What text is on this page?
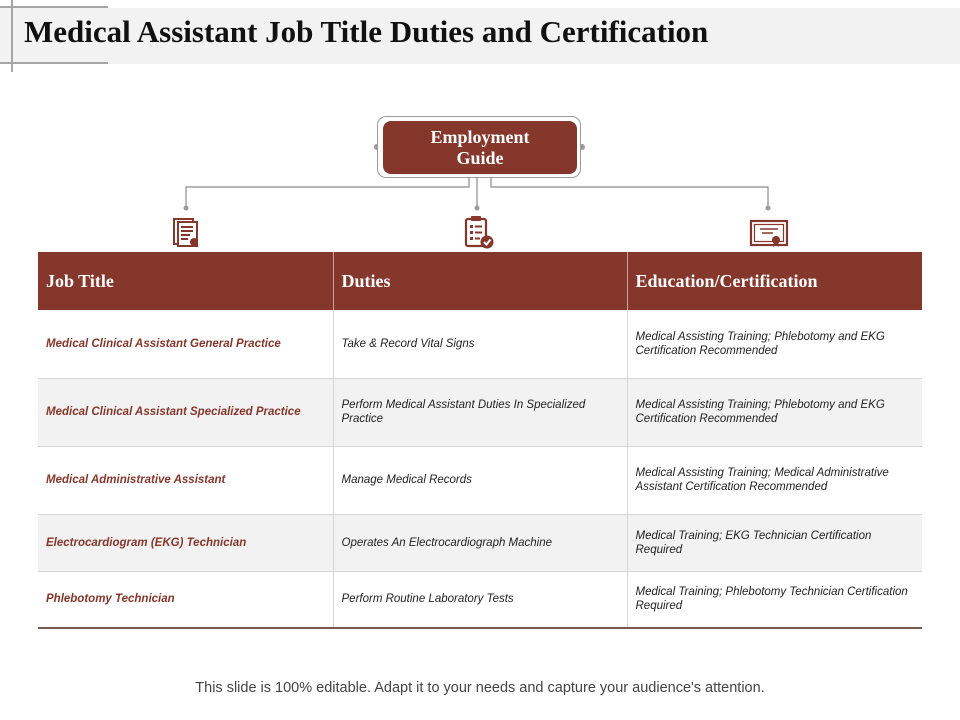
Medical Assistant Job Title Duties and Certification
Employment Guide
Job Title	Duties	Education/Certification
Medical Clinical Assistant General Practice	Take & Record Vital Signs	Medical Assisting Training; Phlebotomy and EKG Certification Recommended
Medical Clinical Assistant Specialized Practice	Perform Medical Assistant Duties In Specialized Practice	Medical Assisting Training; Phlebotomy and EKG Certification Recommended
Medical Administrative Assistant	Manage Medical Records	Medical Assisting Training; Medical Administrative Assistant Certification Recommended
Electrocardiogram (EKG) Technician	Operates An Electrocardiograph Machine	Medical Training; EKG Technician Certification Required
Phlebotomy Technician	Perform Routine Laboratory Tests	Medical Training; Phlebotomy Technician Certification Required
This slide is 100% editable. Adapt it to your needs and capture your audience's attention.
